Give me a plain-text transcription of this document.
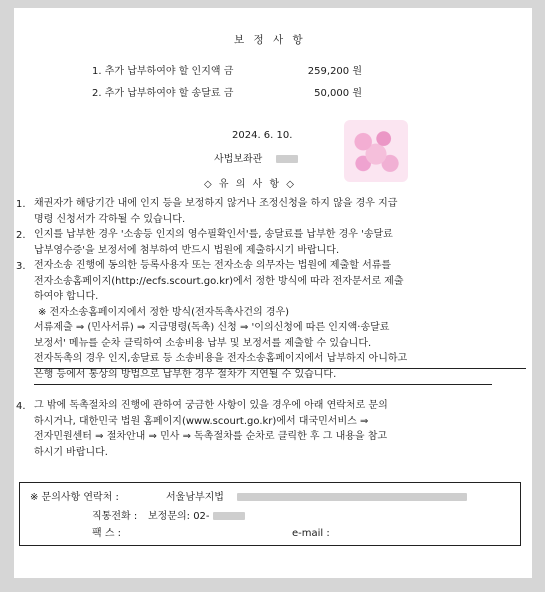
보 정 사 항
1. 추가 납부하여야 할 인지액 금	259,200 원
2. 추가 납부하여야 할 송달료 금	50,000 원
2024. 6. 10.
사법보좌관
◇ 유 의 사 항 ◇
1. 채권자가 해당기간 내에 인지 등을 보정하지 않거나 조정신청을 하지 않을 경우 지급
명령 신청서가 각하될 수 있습니다.
2. 인지를 납부한 경우 '소송등 인지의 영수필확인서'를, 송달료를 납부한 경우 '송달료
납부영수증'을 보정서에 첨부하여 반드시 법원에 제출하시기 바랍니다.
3. 전자소송 진행에 동의한 등록사용자 또는 전자소송 의무자는 법원에 제출할 서류를
전자소송홈페이지(http://ecfs.scourt.go.kr)에서 정한 방식에 따라 전자문서로 제출
하여야 합니다.
※ 전자소송홈페이지에서 정한 방식(전자독촉사건의 경우)
서류제출 ⇒ (민사서류) ⇒ 지급명령(독촉) 신청 ⇒ '이의신청에 따른 인지액·송달료
보정서' 메뉴를 순차 클릭하여 소송비용 납부 및 보정서를 제출할 수 있습니다.
전자독촉의 경우 인지,송달료 등 소송비용을 전자소송홈페이지에서 납부하지 아니하고
은행 등에서 통상의 방법으로 납부한 경우 절차가 지연될 수 있습니다.
4. 그 밖에 독촉절차의 진행에 관하여 궁금한 사항이 있을 경우에 아래 연락처로 문의
하시거나, 대한민국 법원 홈페이지(www.scourt.go.kr)에서 대국민서비스 ⇒
전자민원센터 ⇒ 절차안내 ⇒ 민사 ⇒ 독촉절차를 순차로 클릭한 후 그 내용을 참고
하시기 바랍니다.
※ 문의사항 연락처 :	서울남부지법
직통전화 : 보정문의: 02-
팩 스 :	e-mail :
